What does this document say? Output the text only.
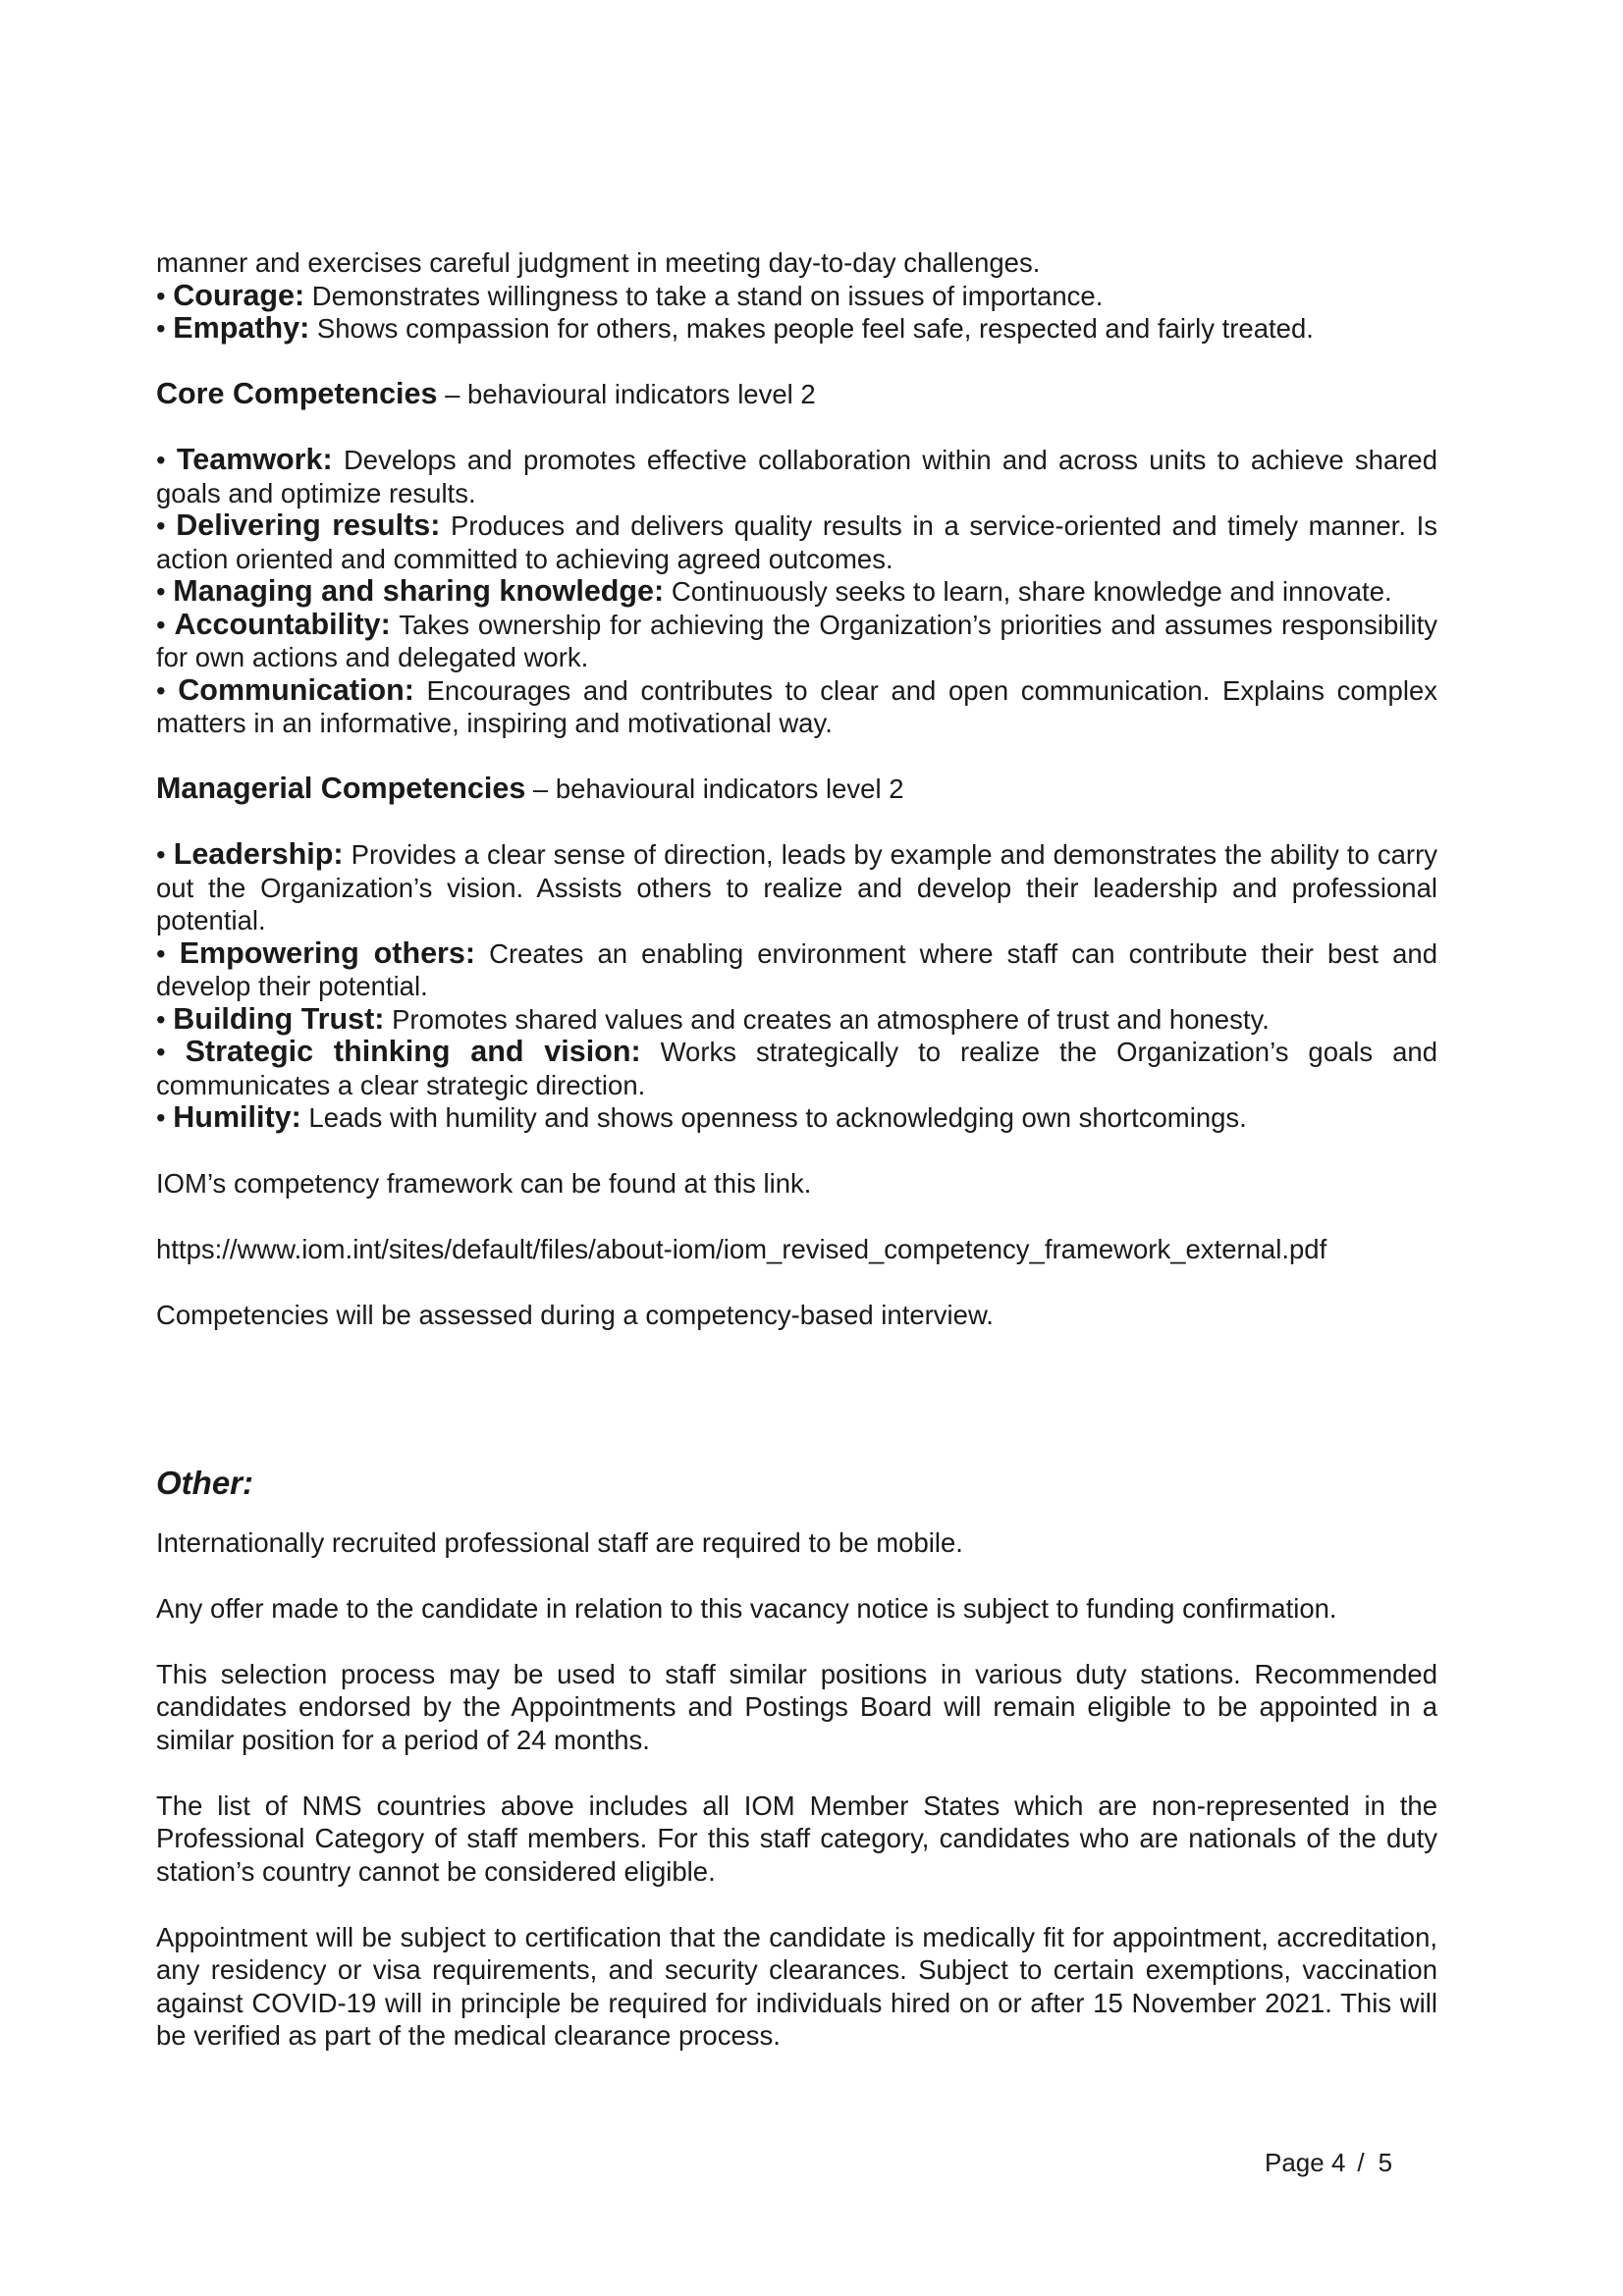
manner and exercises careful judgment in meeting day-to-day challenges.

• Courage: Demonstrates willingness to take a stand on issues of importance.

• Empathy: Shows compassion for others, makes people feel safe, respected and fairly treated.

Core Competencies – behavioural indicators level 2

• Teamwork: Develops and promotes effective collaboration within and across units to achieve shared goals and optimize results.

• Delivering results: Produces and delivers quality results in a service-oriented and timely manner. Is action oriented and committed to achieving agreed outcomes.

• Managing and sharing knowledge: Continuously seeks to learn, share knowledge and innovate.

• Accountability: Takes ownership for achieving the Organization’s priorities and assumes responsibility for own actions and delegated work.

• Communication: Encourages and contributes to clear and open communication. Explains complex matters in an informative, inspiring and motivational way.

Managerial Competencies – behavioural indicators level 2

• Leadership: Provides a clear sense of direction, leads by example and demonstrates the ability to carry out the Organization’s vision. Assists others to realize and develop their leadership and professional potential.

• Empowering others: Creates an enabling environment where staff can contribute their best and develop their potential.

• Building Trust: Promotes shared values and creates an atmosphere of trust and honesty.

• Strategic thinking and vision: Works strategically to realize the Organization’s goals and communicates a clear strategic direction.

• Humility: Leads with humility and shows openness to acknowledging own shortcomings.

IOM’s competency framework can be found at this link.

https://www.iom.int/sites/default/files/about-iom/iom_revised_competency_framework_external.pdf

Competencies will be assessed during a competency-based interview.

Other:

Internationally recruited professional staff are required to be mobile.

Any offer made to the candidate in relation to this vacancy notice is subject to funding confirmation.

This selection process may be used to staff similar positions in various duty stations. Recommended candidates endorsed by the Appointments and Postings Board will remain eligible to be appointed in a similar position for a period of 24 months.

The list of NMS countries above includes all IOM Member States which are non-represented in the Professional Category of staff members. For this staff category, candidates who are nationals of the duty station’s country cannot be considered eligible.

Appointment will be subject to certification that the candidate is medically fit for appointment, accreditation, any residency or visa requirements, and security clearances. Subject to certain exemptions, vaccination against COVID-19 will in principle be required for individuals hired on or after 15 November 2021. This will be verified as part of the medical clearance process.

Page 4 / 5
